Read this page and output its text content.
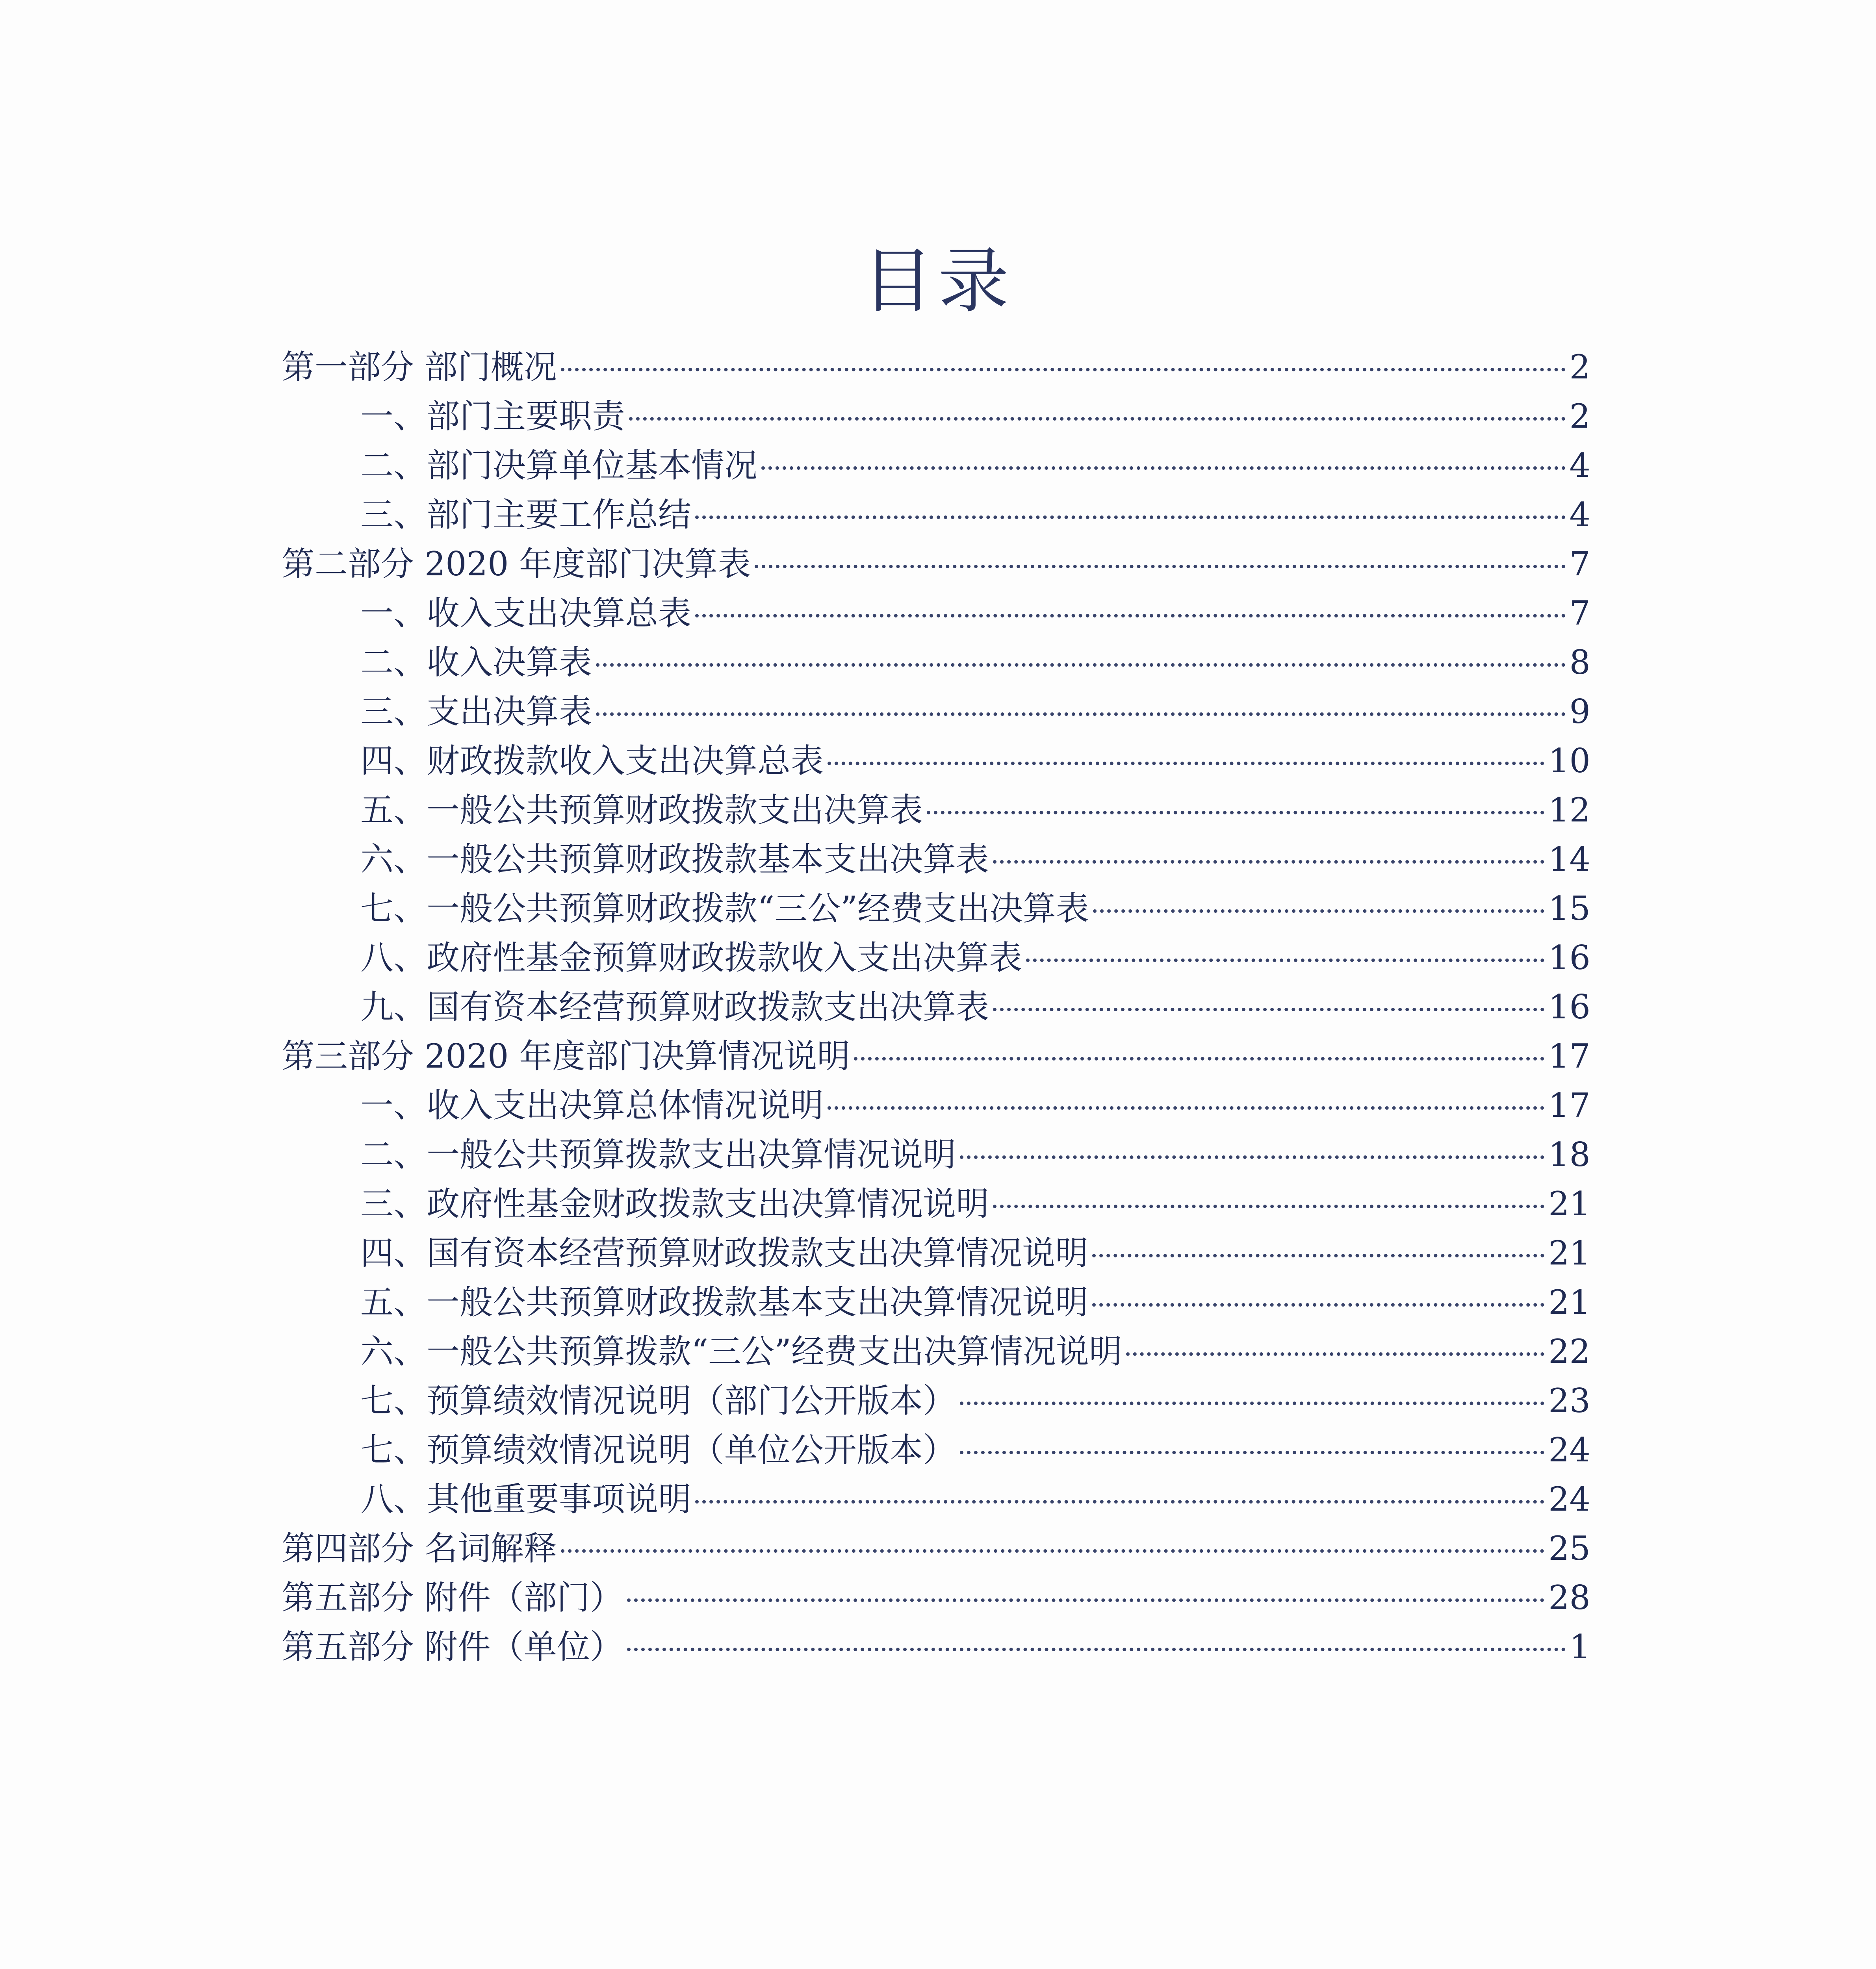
目录
第一部分 部门概况	2
一、部门主要职责	2
二、部门决算单位基本情况	4
三、部门主要工作总结	4
第二部分 2020 年度部门决算表	7
一、收入支出决算总表	7
二、收入决算表	8
三、支出决算表	9
四、财政拨款收入支出决算总表	10
五、一般公共预算财政拨款支出决算表	12
六、一般公共预算财政拨款基本支出决算表	14
七、一般公共预算财政拨款“三公”经费支出决算表	15
八、政府性基金预算财政拨款收入支出决算表	16
九、国有资本经营预算财政拨款支出决算表	16
第三部分 2020 年度部门决算情况说明	17
一、收入支出决算总体情况说明	17
二、一般公共预算拨款支出决算情况说明	18
三、政府性基金财政拨款支出决算情况说明	21
四、国有资本经营预算财政拨款支出决算情况说明	21
五、一般公共预算财政拨款基本支出决算情况说明	21
六、一般公共预算拨款“三公”经费支出决算情况说明	22
七、预算绩效情况说明（部门公开版本）	23
七、预算绩效情况说明（单位公开版本）	24
八、其他重要事项说明	24
第四部分 名词解释	25
第五部分 附件（部门）	28
第五部分 附件（单位）	1
